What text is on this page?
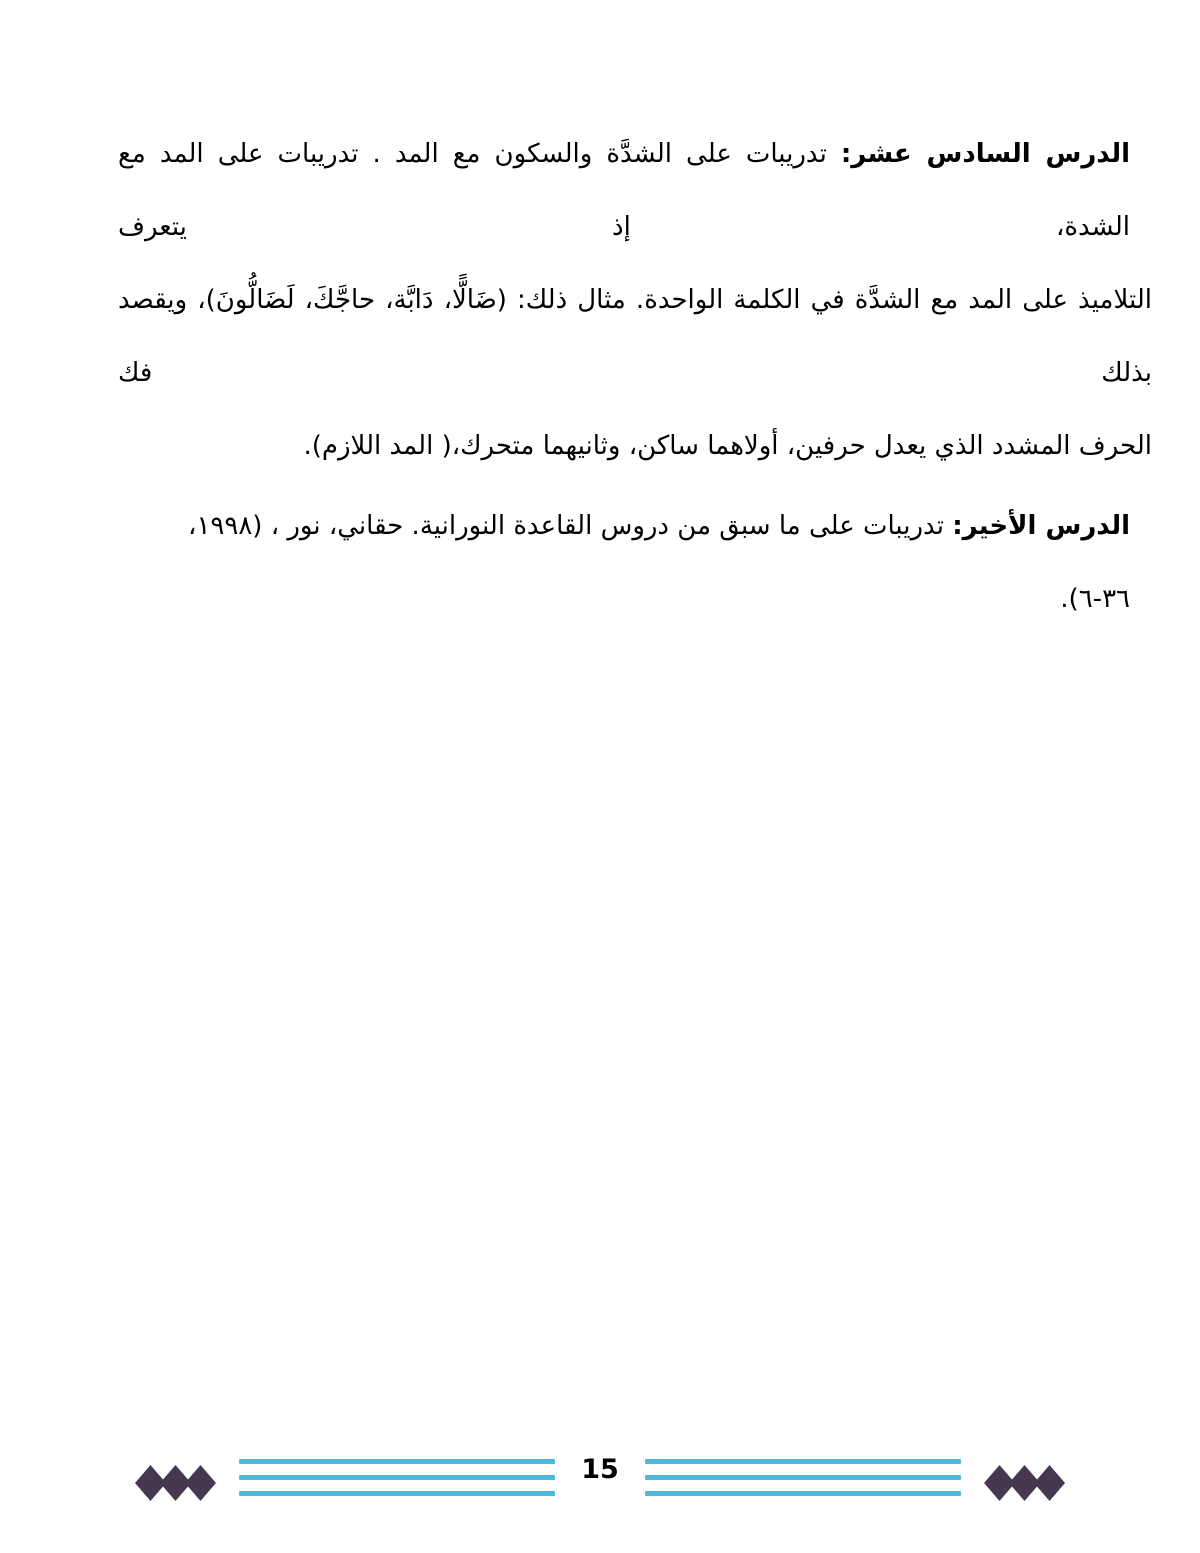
الدرس السادس عشر: تدريبات على الشدَّة والسكون مع المد . تدريبات على المد مع الشدة، إذ يتعرف
التلاميذ على المد مع الشدَّة في الكلمة الواحدة. مثال ذلك: (ضَالًّا، دَابَّة، حاجَّكَ، لَضَالُّونَ)، ويقصد بذلك فك
الحرف المشدد الذي يعدل حرفين، أولاهما ساكن، وثانيهما متحرك،( المد اللازم).

الدرس الأخير: تدريبات على ما سبق من دروس القاعدة النورانية. حقاني، نور ، (١٩٩٨، ٣٦-٦).

15
